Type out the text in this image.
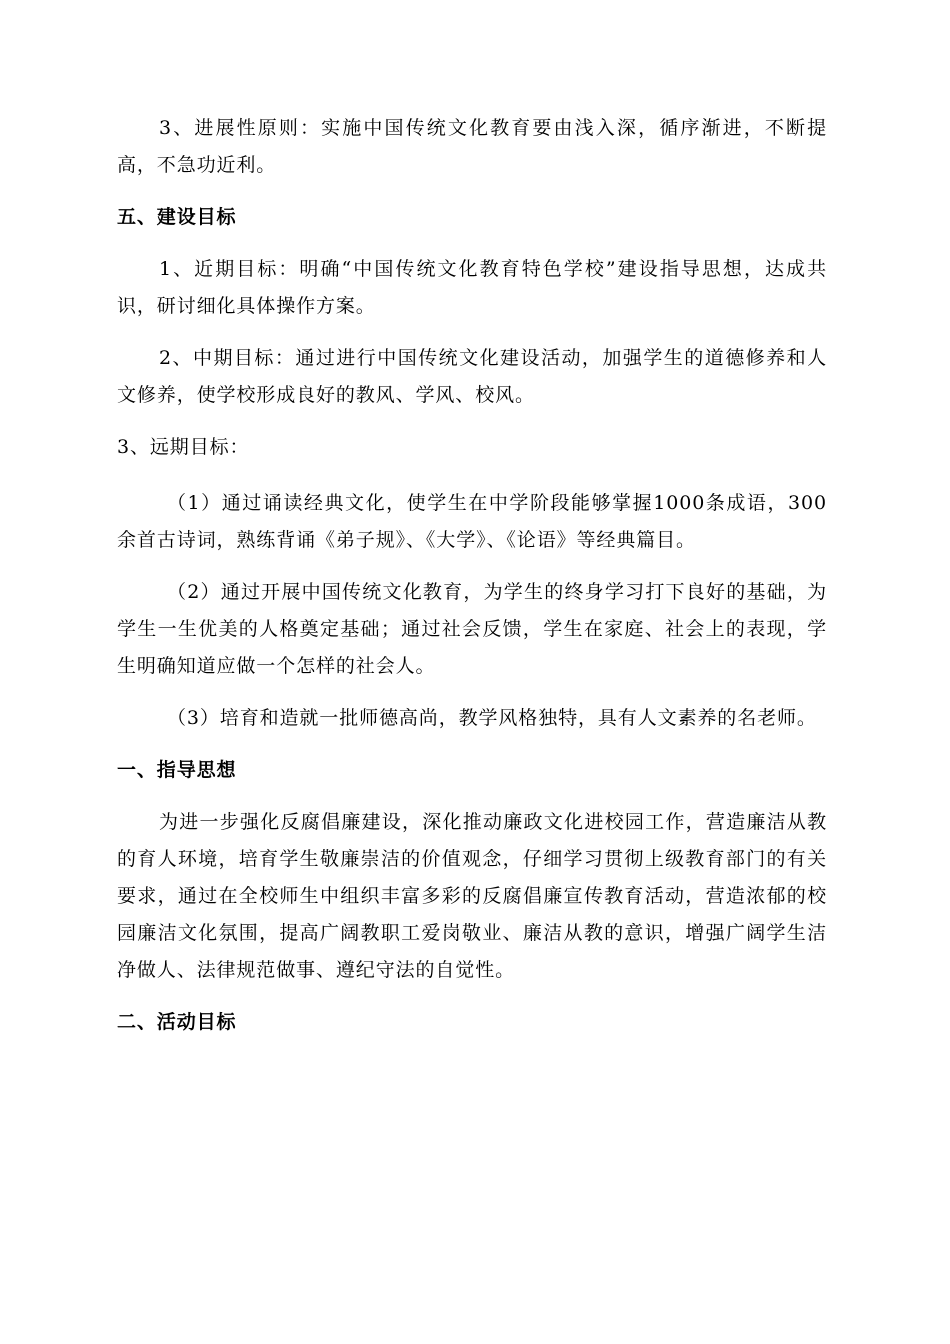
3、进展性原则：实施中国传统文化教育要由浅入深，循序渐进，不断提高，不急功近利。

五、建设目标

1、近期目标：明确“中国传统文化教育特色学校”建设指导思想，达成共识，研讨细化具体操作方案。

2、中期目标：通过进行中国传统文化建设活动，加强学生的道德修养和人文修养，使学校形成良好的教风、学风、校风。

3、远期目标：

（1）通过诵读经典文化，使学生在中学阶段能够掌握1000条成语，300余首古诗词，熟练背诵《弟子规》、《大学》、《论语》等经典篇目。

（2）通过开展中国传统文化教育，为学生的终身学习打下良好的基础，为学生一生优美的人格奠定基础；通过社会反馈，学生在家庭、社会上的表现，学生明确知道应做一个怎样的社会人。

（3）培育和造就一批师德高尚，教学风格独特，具有人文素养的名老师。

一、指导思想

为进一步强化反腐倡廉建设，深化推动廉政文化进校园工作，营造廉洁从教的育人环境，培育学生敬廉崇洁的价值观念，仔细学习贯彻上级教育部门的有关要求，通过在全校师生中组织丰富多彩的反腐倡廉宣传教育活动，营造浓郁的校园廉洁文化氛围，提高广阔教职工爱岗敬业、廉洁从教的意识，增强广阔学生洁净做人、法律规范做事、遵纪守法的自觉性。

二、活动目标
